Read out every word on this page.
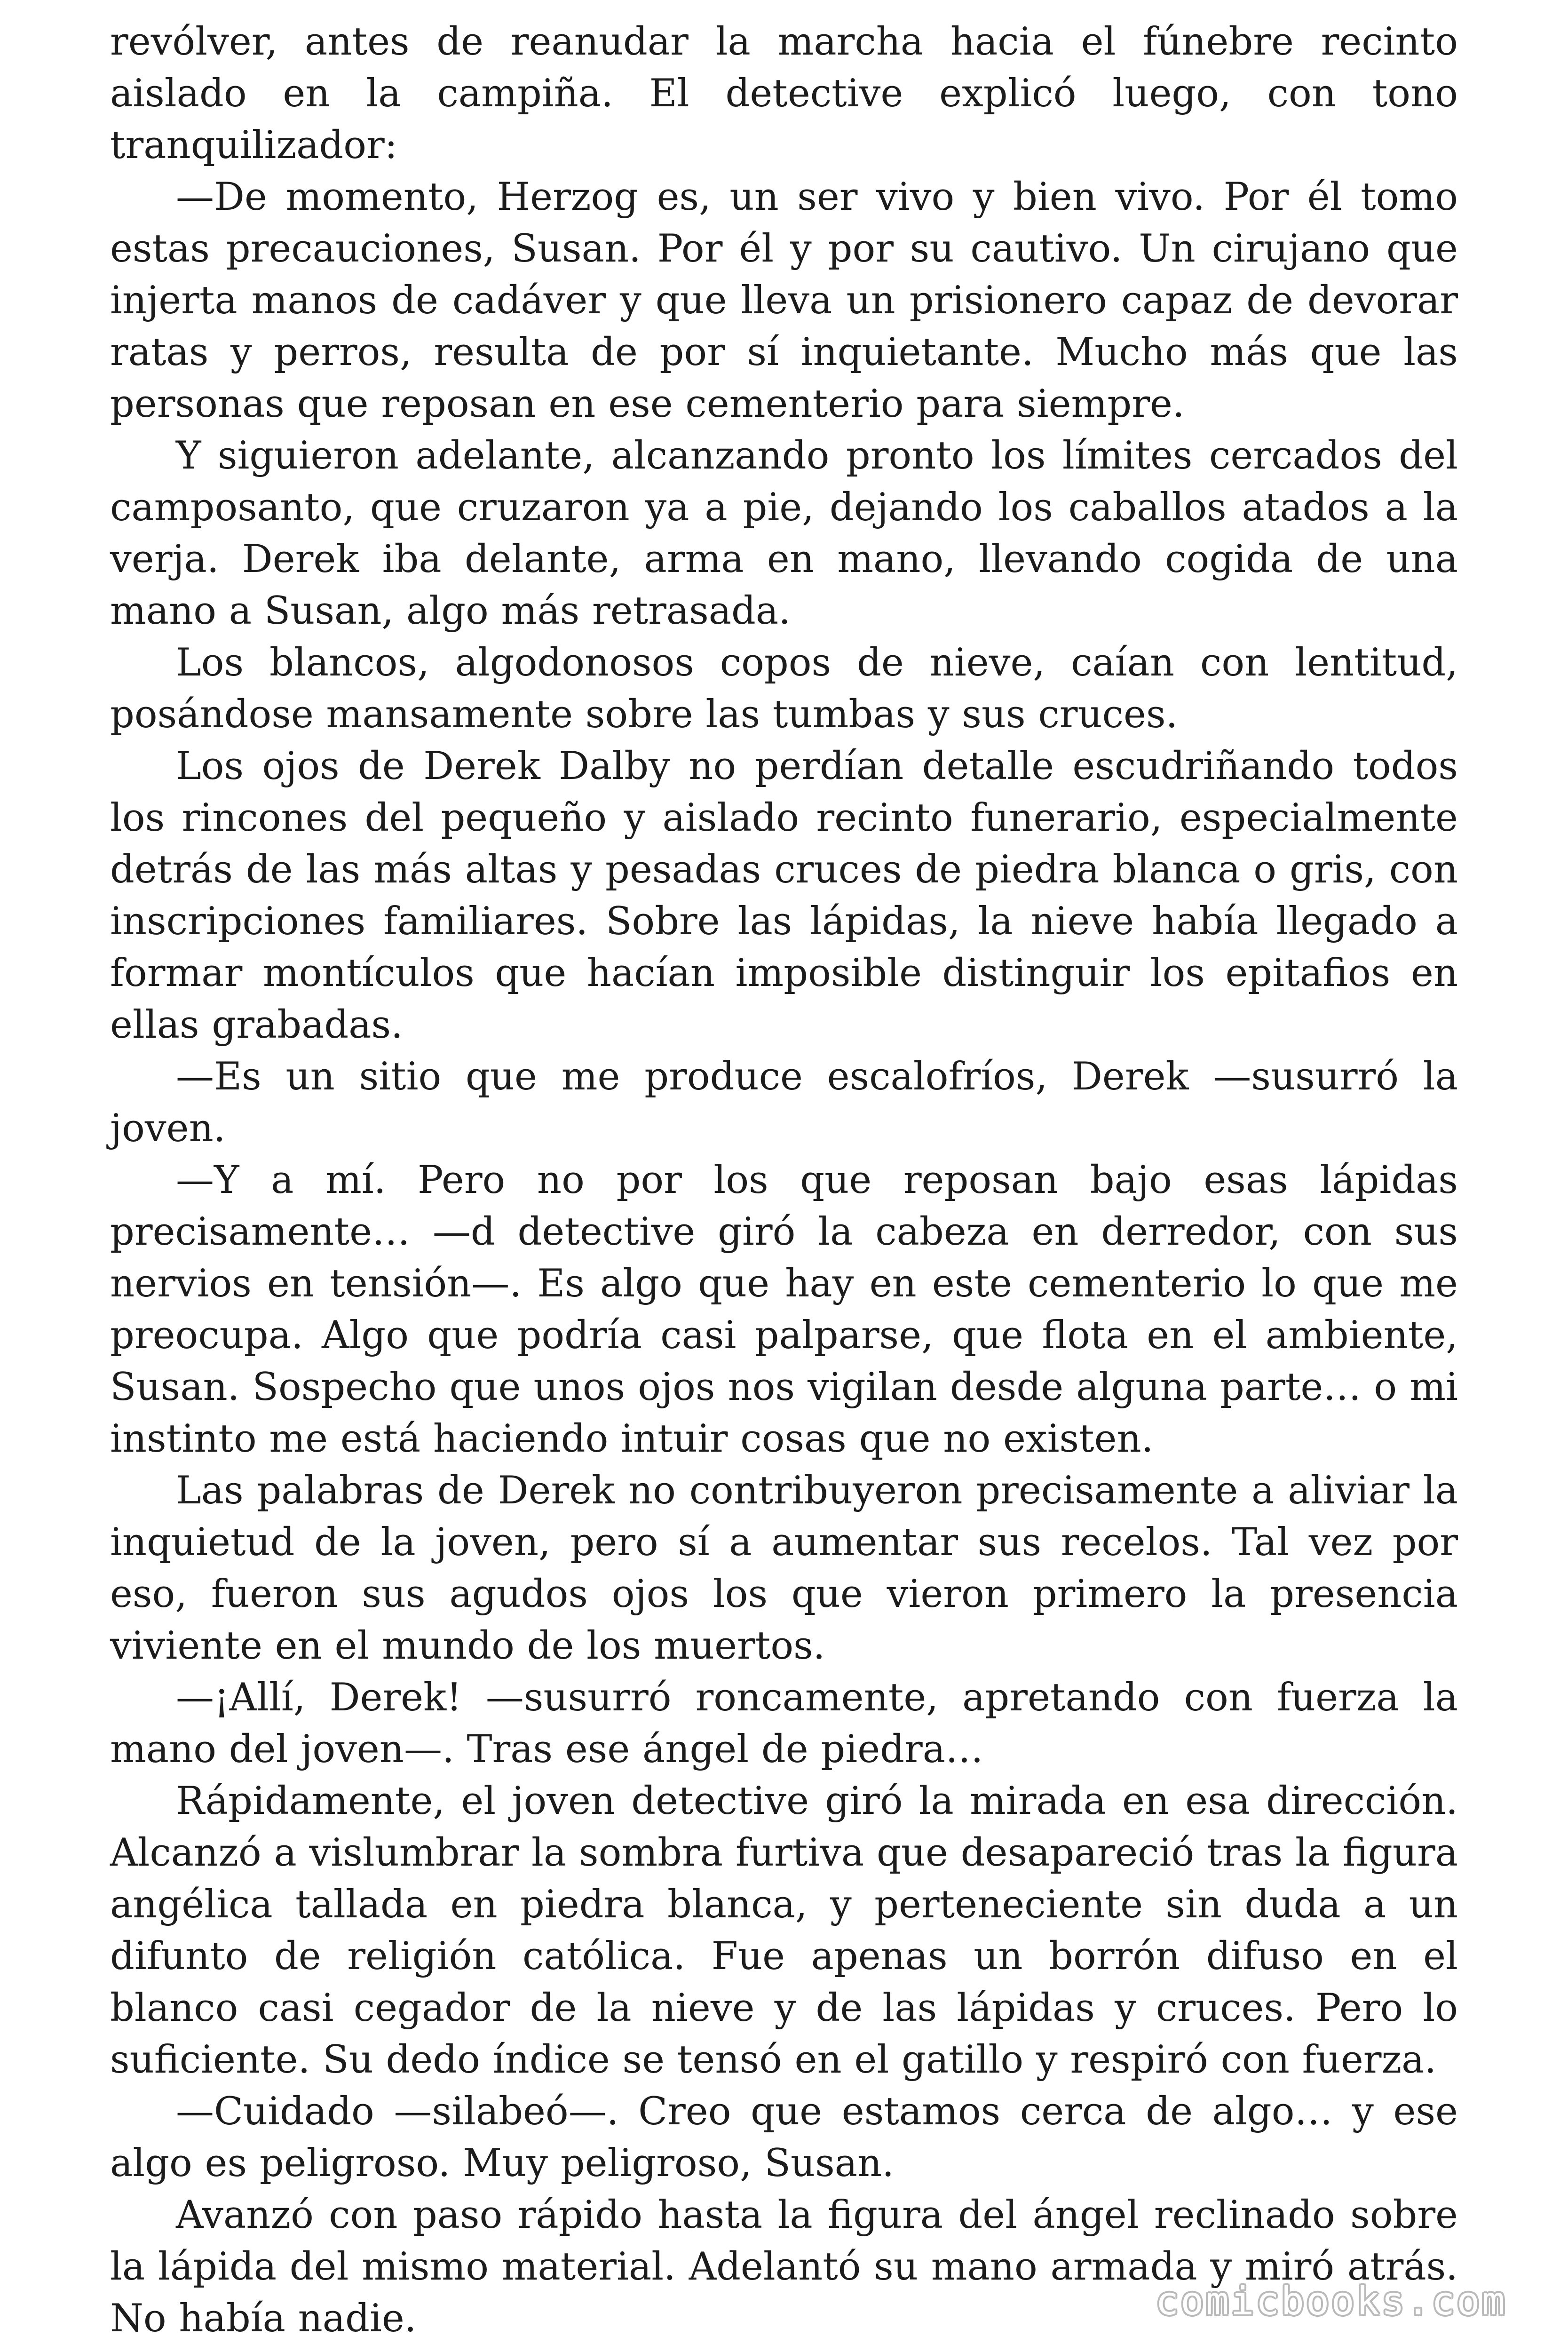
revólver, antes de reanudar la marcha hacia el fúnebre recinto aislado en la campiña. El detective explicó luego, con tono tranquilizador:

—De momento, Herzog es, un ser vivo y bien vivo. Por él tomo estas precauciones, Susan. Por él y por su cautivo. Un cirujano que injerta manos de cadáver y que lleva un prisionero capaz de devorar ratas y perros, resulta de por sí inquietante. Mucho más que las personas que reposan en ese cementerio para siempre.

Y siguieron adelante, alcanzando pronto los límites cercados del camposanto, que cruzaron ya a pie, dejando los caballos atados a la verja. Derek iba delante, arma en mano, llevando cogida de una mano a Susan, algo más retrasada.

Los blancos, algodonosos copos de nieve, caían con lentitud, posándose mansamente sobre las tumbas y sus cruces.

Los ojos de Derek Dalby no perdían detalle escudriñando todos los rincones del pequeño y aislado recinto funerario, especialmente detrás de las más altas y pesadas cruces de piedra blanca o gris, con inscripciones familiares. Sobre las lápidas, la nieve había llegado a formar montículos que hacían imposible distinguir los epitafios en ellas grabadas.

—Es un sitio que me produce escalofríos, Derek —susurró la joven.

—Y a mí. Pero no por los que reposan bajo esas lápidas precisamente… —d detective giró la cabeza en derredor, con sus nervios en tensión—. Es algo que hay en este cementerio lo que me preocupa. Algo que podría casi palparse, que flota en el ambiente, Susan. Sospecho que unos ojos nos vigilan desde alguna parte… o mi instinto me está haciendo intuir cosas que no existen.

Las palabras de Derek no contribuyeron precisamente a aliviar la inquietud de la joven, pero sí a aumentar sus recelos. Tal vez por eso, fueron sus agudos ojos los que vieron primero la presencia viviente en el mundo de los muertos.

—¡Allí, Derek! —susurró roncamente, apretando con fuerza la mano del joven—. Tras ese ángel de piedra…

Rápidamente, el joven detective giró la mirada en esa dirección. Alcanzó a vislumbrar la sombra furtiva que desapareció tras la figura angélica tallada en piedra blanca, y perteneciente sin duda a un difunto de religión católica. Fue apenas un borrón difuso en el blanco casi cegador de la nieve y de las lápidas y cruces. Pero lo suficiente. Su dedo índice se tensó en el gatillo y respiró con fuerza.

—Cuidado —silabeó—. Creo que estamos cerca de algo… y ese algo es peligroso. Muy peligroso, Susan.

Avanzó con paso rápido hasta la figura del ángel reclinado sobre la lápida del mismo material. Adelantó su mano armada y miró atrás. No había nadie.	comicbooks.com
